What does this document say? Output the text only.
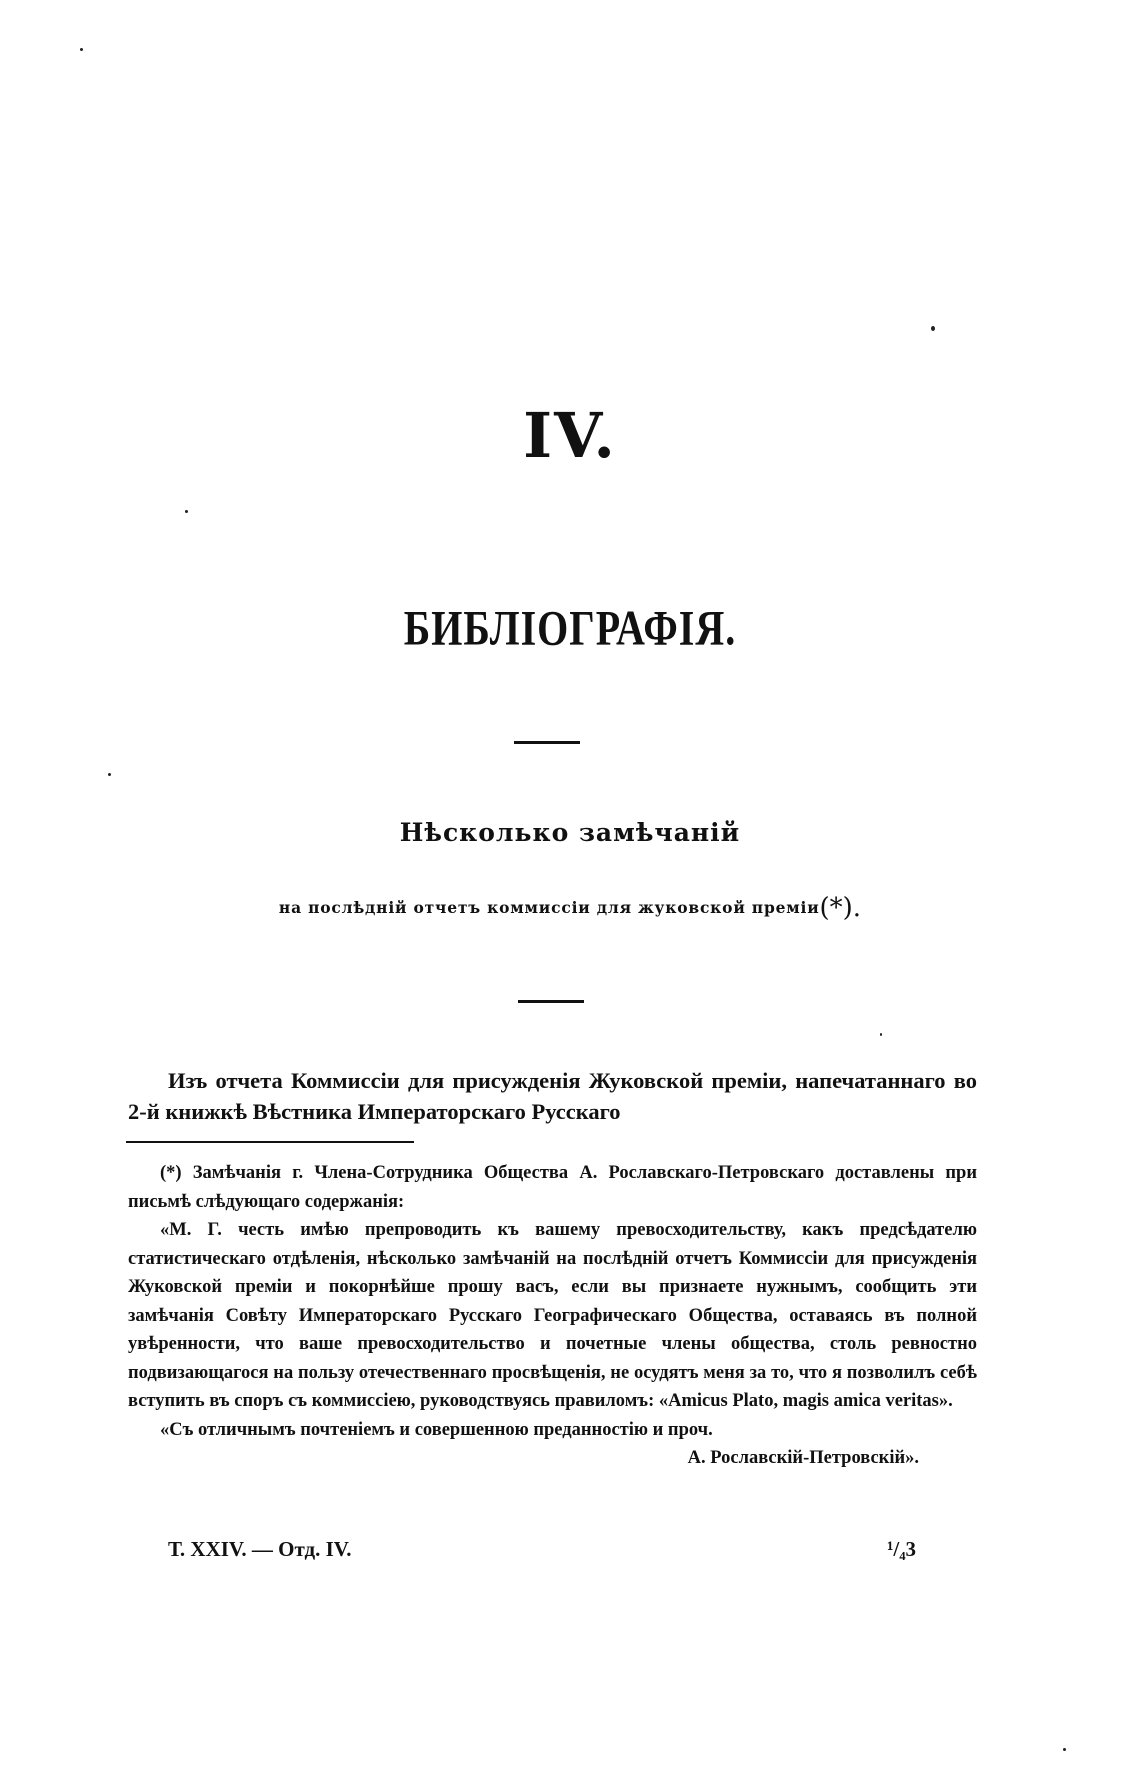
IV.
БИБЛIОГРАФIЯ.
Нѣсколько замѣчанiй
на послѣднiй отчетъ коммиссiи для жуковской премiи(*).

Изъ отчета Коммиссiи для присужденiя Жуковской премiи, напечатаннаго во 2-й книжкѣ Вѣстника Императорскаго Русскаго

(*) Замѣчанiя г. Члена-Сотрудника Общества А. Рославскаго-Петровскаго доставлены при письмѣ слѣдующаго содержанiя:

«М. Г. честь имѣю препроводить къ вашему превосходительству, какъ предсѣдателю статистическаго отдѣленiя, нѣсколько замѣчанiй на послѣднiй отчетъ Коммиссiи для присужденiя Жуковской премiи и покорнѣйше прошу васъ, если вы признаете нужнымъ, сообщить эти замѣчанiя Совѣту Императорскаго Русскаго Географическаго Общества, оставаясь въ полной увѣренности, что ваше превосходительство и почетные члены общества, столь ревностно подвизающагося на пользу отечественнаго просвѣщенiя, не осудятъ меня за то, что я позволилъ себѣ вступить въ споръ съ коммиссiею, руководствуясь правиломъ: «Amicus Plato, magis amica veritas».

«Съ отличнымъ почтенiемъ и совершенною преданностiю и проч.

А. Рославскiй-Петровскiй».

Т. XXIV. — Отд. IV.	¹/₄3
